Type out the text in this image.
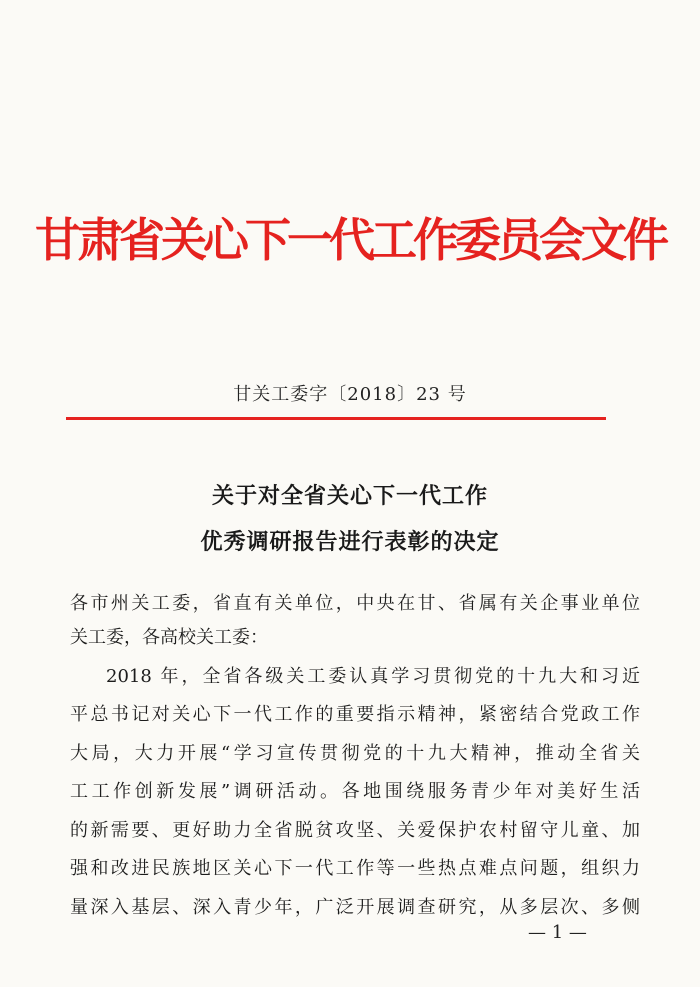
甘肃省关心下一代工作委员会文件
甘关工委字〔2018〕23 号
关于对全省关心下一代工作
优秀调研报告进行表彰的决定
各市州关工委，省直有关单位，中央在甘、省属有关企事业单位
关工委，各高校关工委：
2018 年，全省各级关工委认真学习贯彻党的十九大和习近
平总书记对关心下一代工作的重要指示精神，紧密结合党政工作
大局，大力开展“学习宣传贯彻党的十九大精神，推动全省关
工工作创新发展”调研活动。各地围绕服务青少年对美好生活
的新需要、更好助力全省脱贫攻坚、关爱保护农村留守儿童、加
强和改进民族地区关心下一代工作等一些热点难点问题，组织力
量深入基层、深入青少年，广泛开展调查研究，从多层次、多侧
— 1 —
